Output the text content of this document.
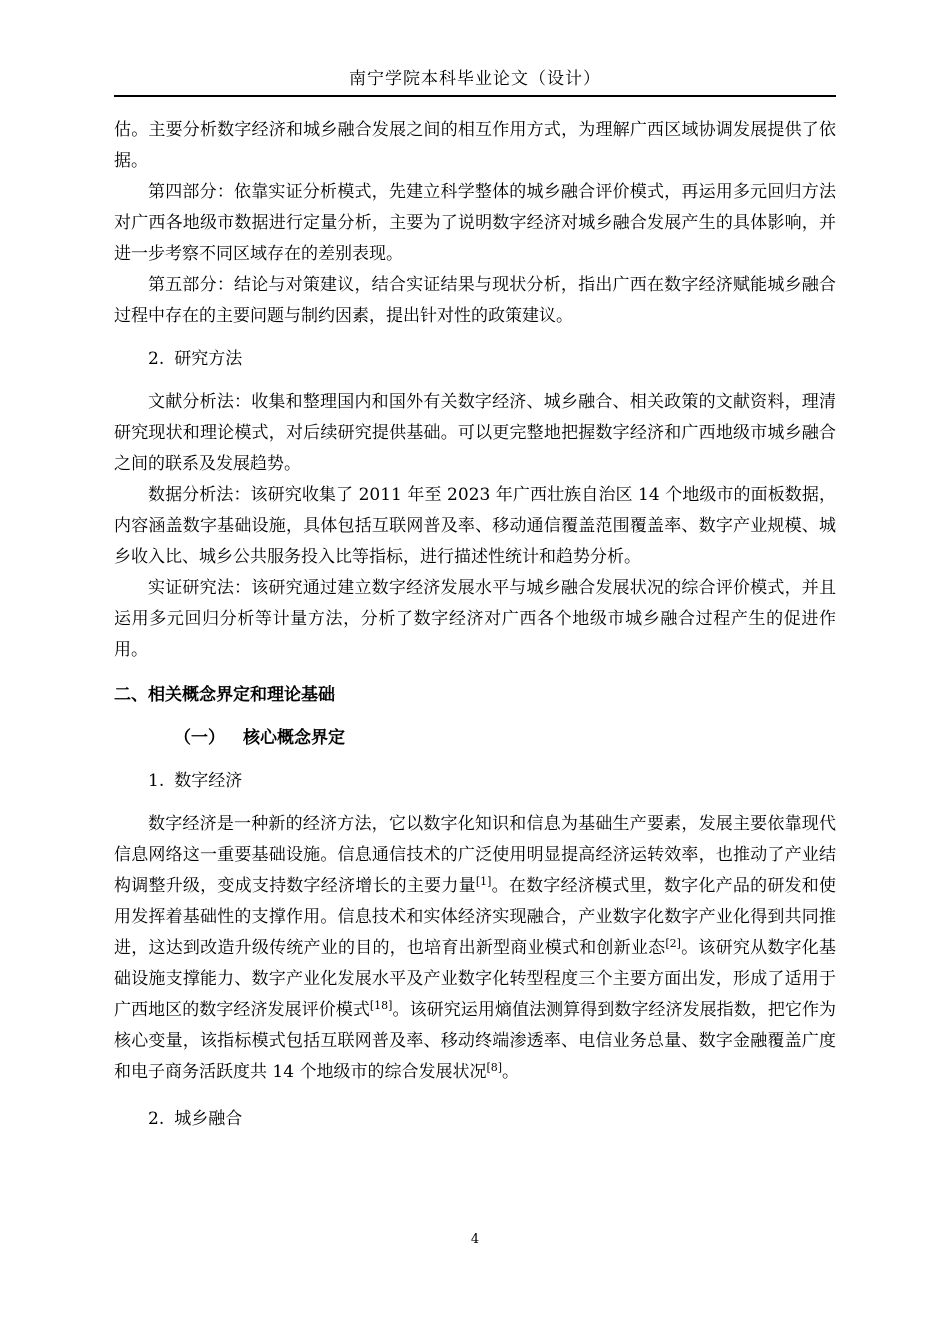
南宁学院本科毕业论文（设计）

估。主要分析数字经济和城乡融合发展之间的相互作用方式，为理解广西区域协调发展提供了依据。

第四部分：依靠实证分析模式，先建立科学整体的城乡融合评价模式，再运用多元回归方法对广西各地级市数据进行定量分析，主要为了说明数字经济对城乡融合发展产生的具体影响，并进一步考察不同区域存在的差别表现。

第五部分：结论与对策建议，结合实证结果与现状分析，指出广西在数字经济赋能城乡融合过程中存在的主要问题与制约因素，提出针对性的政策建议。

2. 研究方法

文献分析法：收集和整理国内和国外有关数字经济、城乡融合、相关政策的文献资料，理清研究现状和理论模式，对后续研究提供基础。可以更完整地把握数字经济和广西地级市城乡融合之间的联系及发展趋势。

数据分析法：该研究收集了 2011 年至 2023 年广西壮族自治区 14 个地级市的面板数据，内容涵盖数字基础设施，具体包括互联网普及率、移动通信覆盖范围覆盖率、数字产业规模、城乡收入比、城乡公共服务投入比等指标，进行描述性统计和趋势分析。

实证研究法：该研究通过建立数字经济发展水平与城乡融合发展状况的综合评价模式，并且运用多元回归分析等计量方法，分析了数字经济对广西各个地级市城乡融合过程产生的促进作用。

二、相关概念界定和理论基础

（一） 核心概念界定

1. 数字经济

数字经济是一种新的经济方法，它以数字化知识和信息为基础生产要素，发展主要依靠现代信息网络这一重要基础设施。信息通信技术的广泛使用明显提高经济运转效率，也推动了产业结构调整升级，变成支持数字经济增长的主要力量[1]。在数字经济模式里，数字化产品的研发和使用发挥着基础性的支撑作用。信息技术和实体经济实现融合，产业数字化数字产业化得到共同推进，这达到改造升级传统产业的目的，也培育出新型商业模式和创新业态[2]。该研究从数字化基础设施支撑能力、数字产业化发展水平及产业数字化转型程度三个主要方面出发，形成了适用于广西地区的数字经济发展评价模式[18]。该研究运用熵值法测算得到数字经济发展指数，把它作为核心变量，该指标模式包括互联网普及率、移动终端渗透率、电信业务总量、数字金融覆盖广度和电子商务活跃度共 14 个地级市的综合发展状况[8]。

2. 城乡融合

4
